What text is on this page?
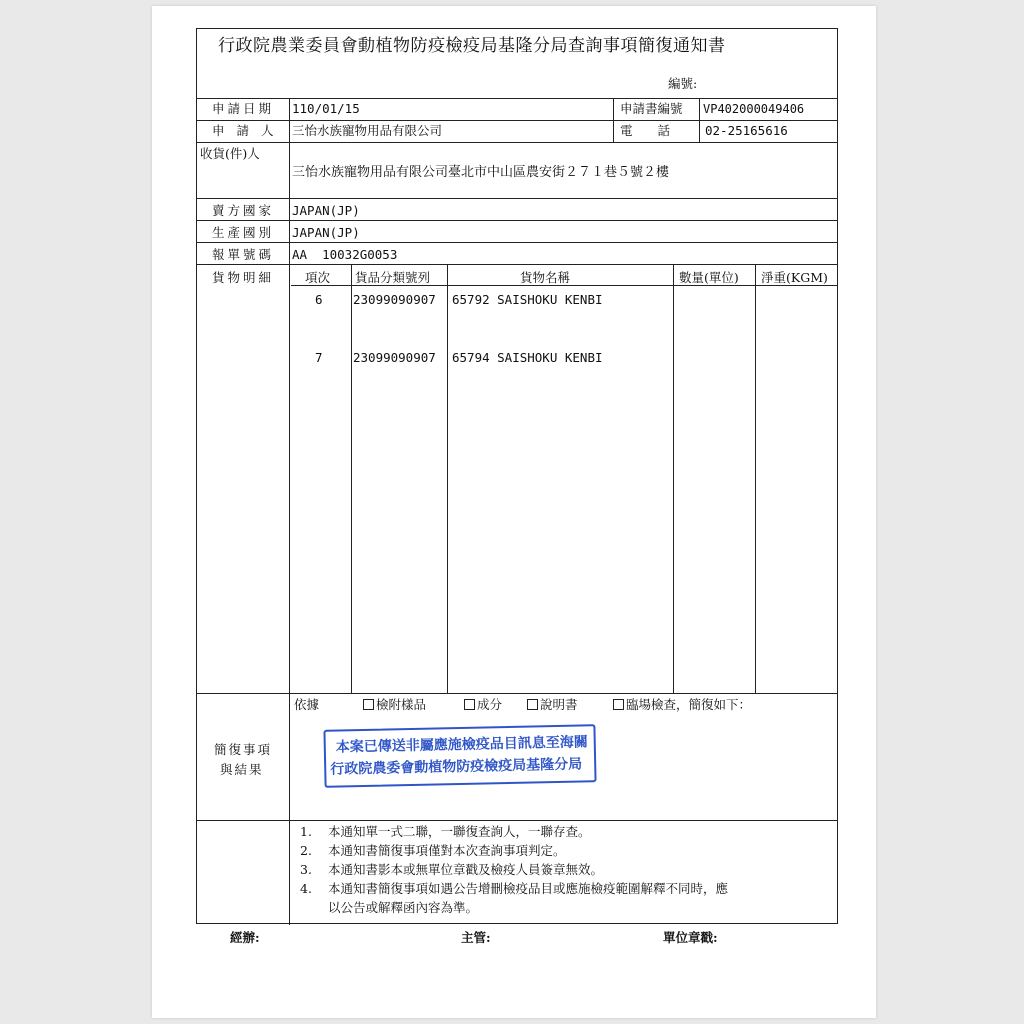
行政院農業委員會動植物防疫檢疫局基隆分局查詢事項簡復通知書
編號:
申請日期 110/01/15	申請書編號 VP402000049406
申 請 人 三怡水族寵物用品有限公司	電　　話	02-25165616
收貨(件)人
三怡水族寵物用品有限公司臺北市中山區農安街２７１巷５號２樓
賣方國家 JAPAN(JP)
生產國別 JAPAN(JP)
報單號碼 AA  10032G0053
貨物明細 項次 貨品分類號列	貨物名稱	數量(單位) 淨重(KGM)
6 23099090907 65792 SAISHOKU KENBI
7 23099090907 65794 SAISHOKU KENBI
簡復事項
與結果
依據	檢附樣品	成分	說明書	臨場檢查，簡復如下：
本案已傳送非屬應施檢疫品目訊息至海關
行政院農委會動植物防疫檢疫局基隆分局
1. 本通知單一式二聯，一聯復查詢人，一聯存查。
2. 本通知書簡復事項僅對本次查詢事項判定。
3. 本通知書影本或無單位章戳及檢疫人員簽章無效。
4. 本通知書簡復事項如遇公告增刪檢疫品目或應施檢疫範圍解釋不同時，應
以公告或解釋函內容為準。
經辦:	主管:	單位章戳:
